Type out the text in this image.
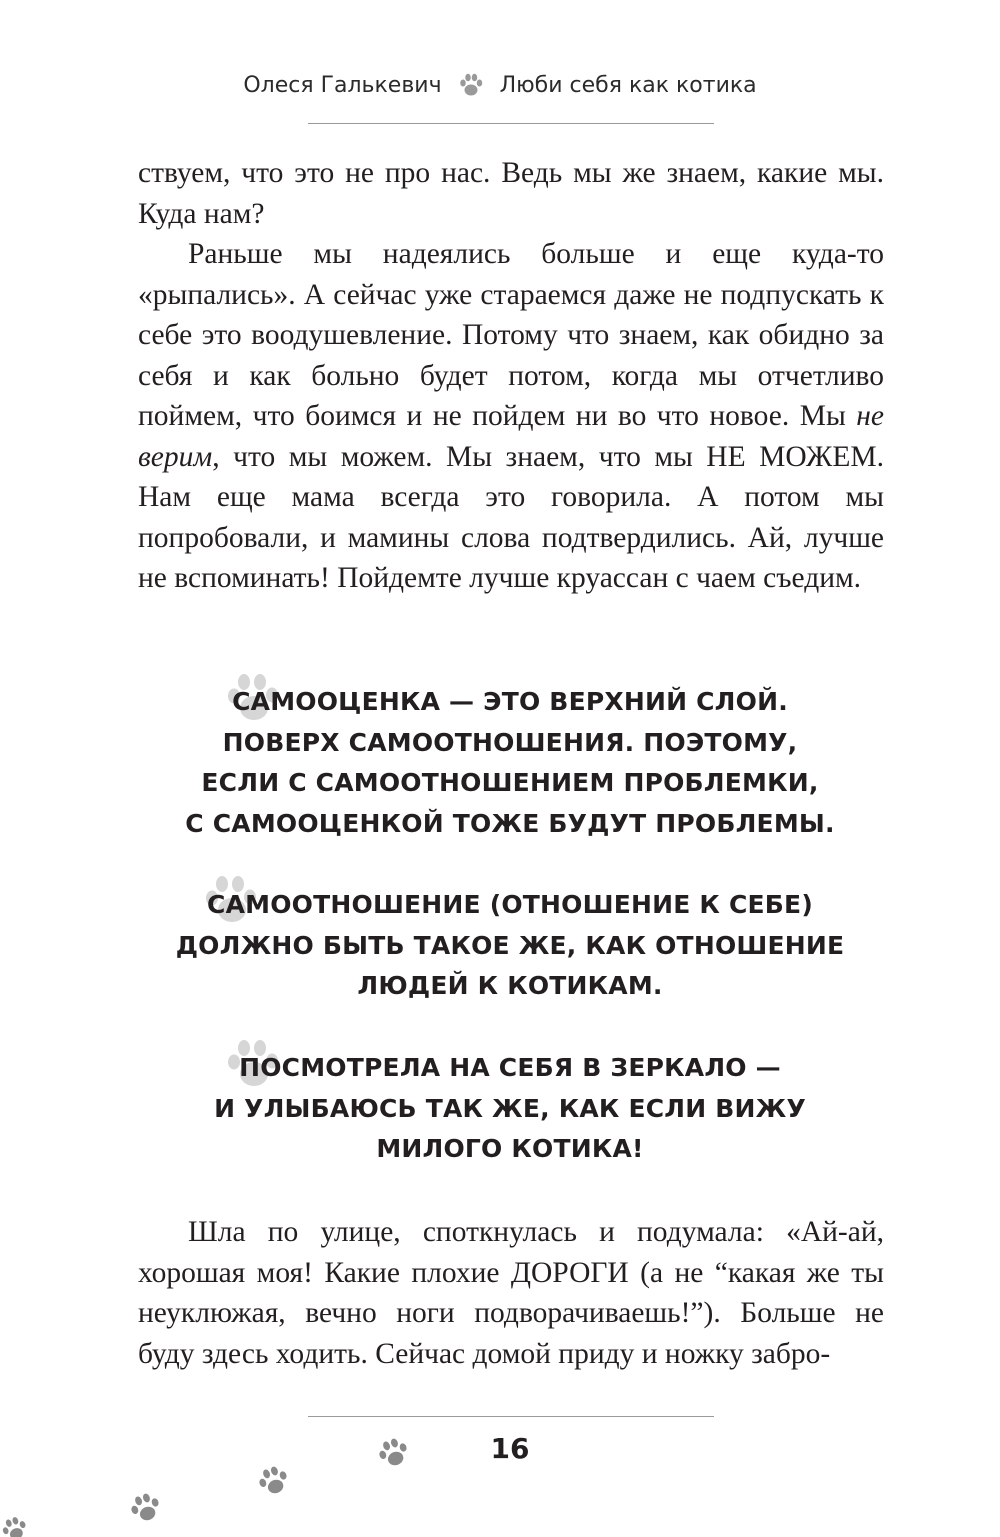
Олеся Галькевич	Люби себя как котика

ствуем, что это не про нас. Ведь мы же знаем, какие мы. Куда нам?

Раньше мы надеялись больше и еще куда-то «рыпались». А сейчас уже стараемся даже не подпускать к себе это воодушевление. Потому что знаем, как обидно за себя и как больно будет потом, когда мы отчетливо поймем, что боимся и не пойдем ни во что новое. Мы не верим, что мы можем. Мы знаем, что мы НЕ МОЖЕМ. Нам еще мама всегда это говорила. А потом мы попробовали, и мамины слова подтвердились. Ай, лучше не вспоминать! Пойдемте лучше круассан с чаем съедим.

САМООЦЕНКА — ЭТО ВЕРХНИЙ СЛОЙ.
ПОВЕРХ САМООТНОШЕНИЯ. ПОЭТОМУ,
ЕСЛИ С САМООТНОШЕНИЕМ ПРОБЛЕМКИ,
С САМООЦЕНКОЙ ТОЖЕ БУДУТ ПРОБЛЕМЫ.
САМООТНОШЕНИЕ (ОТНОШЕНИЕ К СЕБЕ)
ДОЛЖНО БЫТЬ ТАКОЕ ЖЕ, КАК ОТНОШЕНИЕ
ЛЮДЕЙ К КОТИКАМ.
ПОСМОТРЕЛА НА СЕБЯ В ЗЕРКАЛО —
И УЛЫБАЮСЬ ТАК ЖЕ, КАК ЕСЛИ ВИЖУ
МИЛОГО КОТИКА!

Шла по улице, споткнулась и подумала: «Ай-ай, хорошая моя! Какие плохие ДОРОГИ (а не “какая же ты неуклюжая, вечно ноги подворачиваешь!”). Больше не буду здесь ходить. Сейчас домой приду и ножку забро-

16
